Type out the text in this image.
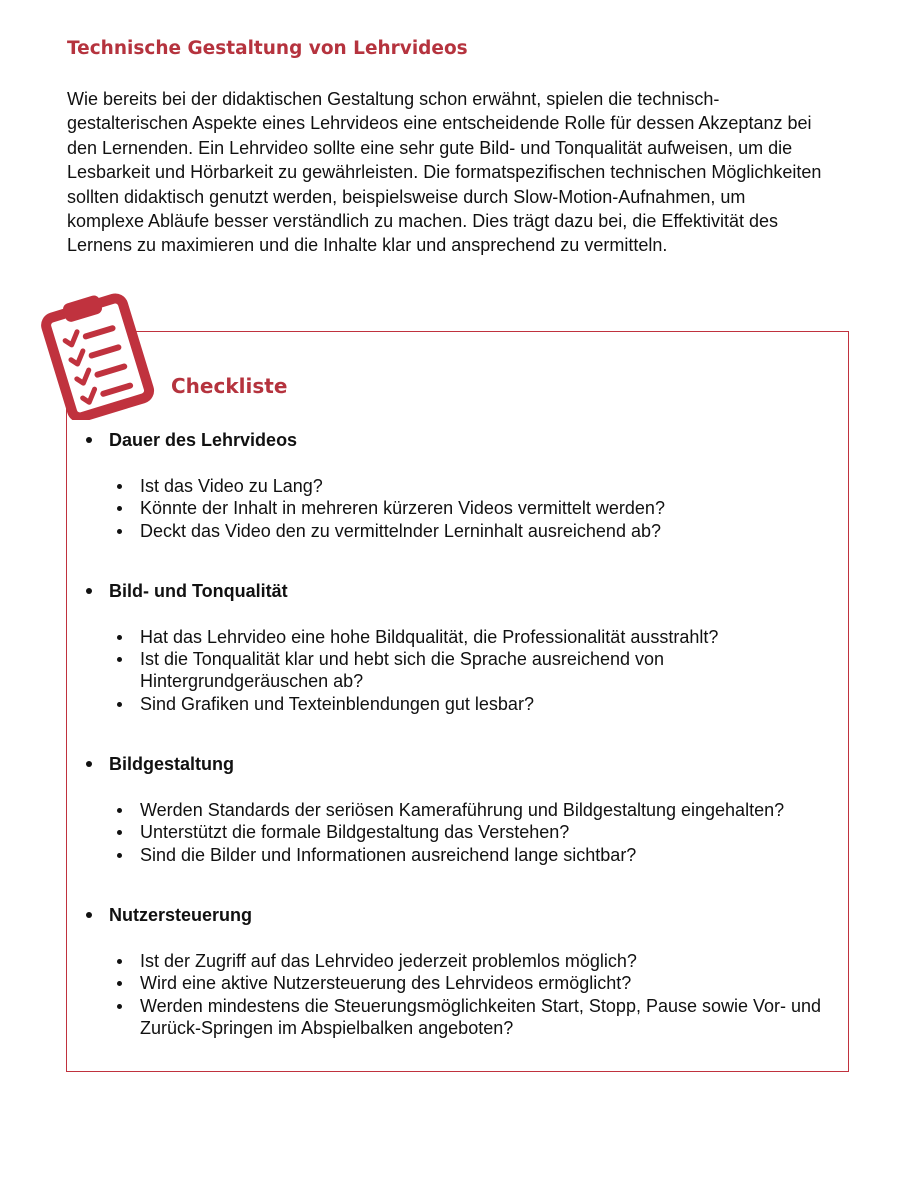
Technische Gestaltung von Lehrvideos

Wie bereits bei der didaktischen Gestaltung schon erwähnt, spielen die technisch-gestalterischen Aspekte eines Lehrvideos eine entscheidende Rolle für dessen Akzeptanz bei den Lernenden. Ein Lehrvideo sollte eine sehr gute Bild- und Tonqualität aufweisen, um die Lesbarkeit und Hörbarkeit zu gewährleisten. Die formatspezifischen technischen Möglichkeiten sollten didaktisch genutzt werden, beispielsweise durch Slow-Motion-Aufnahmen, um komplexe Abläufe besser verständlich zu machen. Dies trägt dazu bei, die Effektivität des Lernens zu maximieren und die Inhalte klar und ansprechend zu vermitteln.

Checkliste
Dauer des Lehrvideos
Ist das Video zu Lang?
Könnte der Inhalt in mehreren kürzeren Videos vermittelt werden?
Deckt das Video den zu vermittelnder Lerninhalt ausreichend ab?
Bild- und Tonqualität
Hat das Lehrvideo eine hohe Bildqualität, die Professionalität ausstrahlt?
Ist die Tonqualität klar und hebt sich die Sprache ausreichend von Hintergrundgeräuschen ab?
Sind Grafiken und Texteinblendungen gut lesbar?
Bildgestaltung
Werden Standards der seriösen Kameraführung und Bildgestaltung eingehalten?
Unterstützt die formale Bildgestaltung das Verstehen?
Sind die Bilder und Informationen ausreichend lange sichtbar?
Nutzersteuerung
Ist der Zugriff auf das Lehrvideo jederzeit problemlos möglich?
Wird eine aktive Nutzersteuerung des Lehrvideos ermöglicht?
Werden mindestens die Steuerungsmöglichkeiten Start, Stopp, Pause sowie Vor- und Zurück-Springen im Abspielbalken angeboten?
